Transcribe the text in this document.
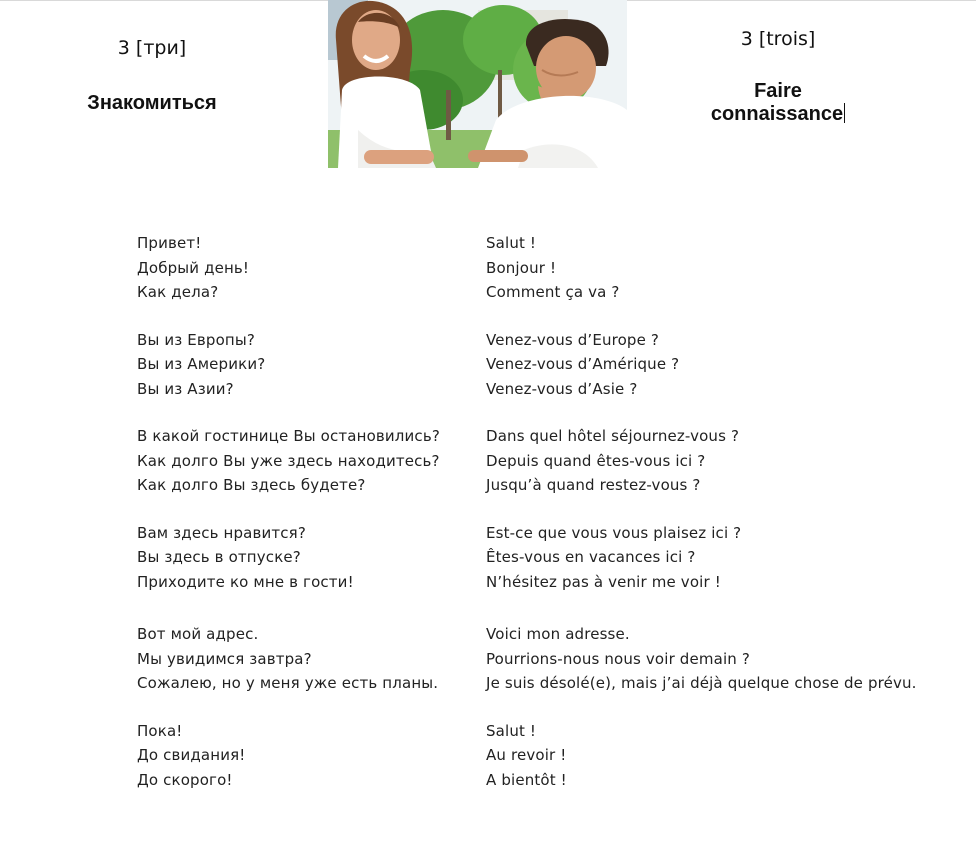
3 [три]
Знакомиться
3 [trois]
Faire
connaissance
Привет!	Salut !
Добрый день!	Bonjour !
Как дела?	Comment ça va ?
Вы из Европы?	Venez-vous d’Europe ?
Вы из Америки?	Venez-vous d’Amérique ?
Вы из Азии?	Venez-vous d’Asie ?
В какой гостинице Вы остановились?	Dans quel hôtel séjournez-vous ?
Как долго Вы уже здесь находитесь?	Depuis quand êtes-vous ici ?
Как долго Вы здесь будете?	Jusqu’à quand restez-vous ?
Вам здесь нравится?	Est-ce que vous vous plaisez ici ?
Вы здесь в отпуске?	Êtes-vous en vacances ici ?
Приходите ко мне в гости!	N’hésitez pas à venir me voir !
Вот мой адрес.	Voici mon adresse.
Мы увидимся завтра?	Pourrions-nous nous voir demain ?
Сожалею, но у меня уже есть планы.	Je suis désolé(e), mais j’ai déjà quelque chose de prévu.
Пока!	Salut !
До свидания!	Au revoir !
До скорого!	A bientôt !
